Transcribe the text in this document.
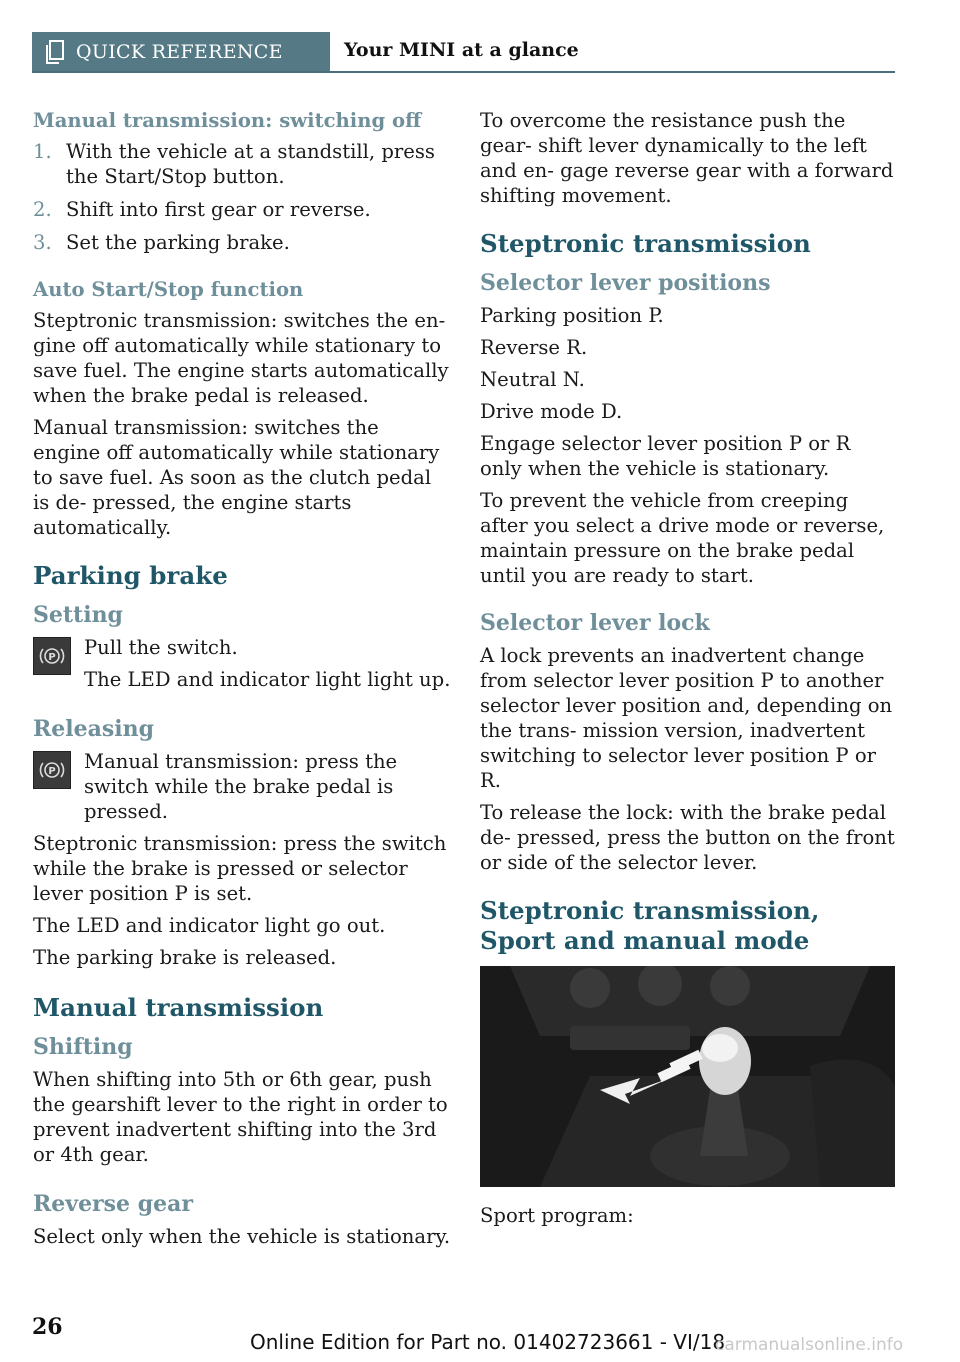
QUICK REFERENCE	Your MINI at a glance
Manual transmission: switching off
1. With the vehicle at a standstill, press the Start/Stop button.
2. Shift into first gear or reverse.
3. Set the parking brake.
Auto Start/Stop function

Steptronic transmission: switches the en- gine off automatically while stationary to save fuel. The engine starts automatically when the brake pedal is released.

Manual transmission: switches the engine off automatically while stationary to save fuel. As soon as the clutch pedal is de- pressed, the engine starts automatically.

Parking brake
Setting
P Pull the switch.

The LED and indicator light light up.

Releasing
P Manual transmission: press the switch while the brake pedal is pressed.

Steptronic transmission: press the switch while the brake is pressed or selector lever position P is set.

The LED and indicator light go out.

The parking brake is released.

Manual transmission
Shifting

When shifting into 5th or 6th gear, push the gearshift lever to the right in order to prevent inadvertent shifting into the 3rd or 4th gear.

Reverse gear

Select only when the vehicle is stationary.

To overcome the resistance push the gear- shift lever dynamically to the left and en- gage reverse gear with a forward shifting movement.

Steptronic transmission
Selector lever positions

Parking position P.

Reverse R.

Neutral N.

Drive mode D.

Engage selector lever position P or R only when the vehicle is stationary.

To prevent the vehicle from creeping after you select a drive mode or reverse, maintain pressure on the brake pedal until you are ready to start.

Selector lever lock

A lock prevents an inadvertent change from selector lever position P to another selector lever position and, depending on the trans- mission version, inadvertent switching to selector lever position P or R.

To release the lock: with the brake pedal de- pressed, press the button on the front or side of the selector lever.

Steptronic transmission, Sport and manual mode

Sport program:

26
Online Edition for Part no. 01402723661 - VI/18
carmanualsonline.info
